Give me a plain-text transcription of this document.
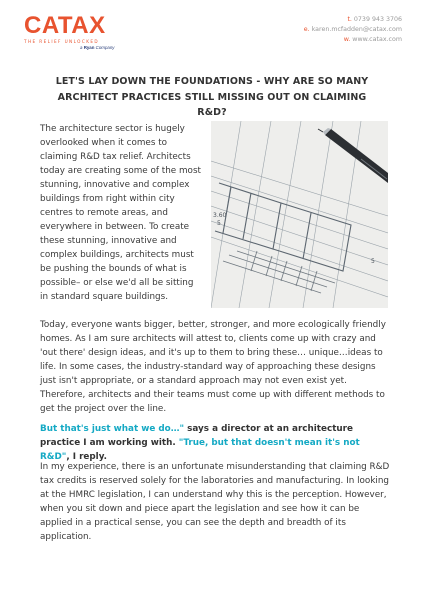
CATAX
THE RELIEF UNLOCKED
a Ryan Company
t. 0739 943 3706
e. karen.mcfadden@catax.com
w. www.catax.com
LET'S LAY DOWN THE FOUNDATIONS - WHY ARE SO MANY ARCHITECT PRACTICES STILL MISSING OUT ON CLAIMING R&D?
The architecture sector is hugely overlooked when it comes to claiming R&D tax relief. Architects today are creating some of the most stunning, innovative and complex buildings from right within city centres to remote areas, and everywhere in between. To create these stunning, innovative and complex buildings, architects must be pushing the bounds of what is possible– or else we'd all be sitting in standard square buildings.
5
3.60
5
Today, everyone wants bigger, better, stronger, and more ecologically friendly homes. As I am sure architects will attest to, clients come up with crazy and 'out there' design ideas, and it's up to them to bring these… unique…ideas to life. In some cases, the industry-standard way of approaching these designs just isn't appropriate, or a standard approach may not even exist yet. Therefore, architects and their teams must come up with different methods to get the project over the line.
But that's just what we do…" says a director at an architecture practice I am working with. "True, but that doesn't mean it's not R&D", I reply.
In my experience, there is an unfortunate misunderstanding that claiming R&D tax credits is reserved solely for the laboratories and manufacturing. In looking at the HMRC legislation, I can understand why this is the perception. However, when you sit down and piece apart the legislation and see how it can be applied in a practical sense, you can see the depth and breadth of its application.
